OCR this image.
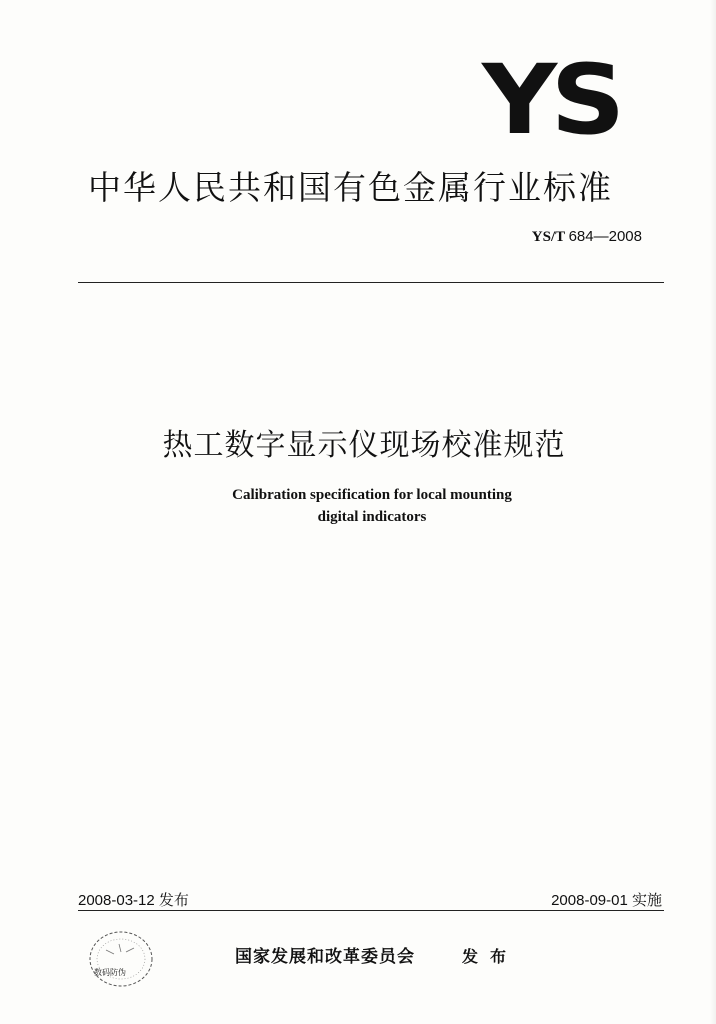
YS
中华人民共和国有色金属行业标准
YS/T 684—2008
热工数字显示仪现场校准规范
Calibration specification for local mounting
digital indicators
2008-03-12 发布	2008-09-01 实施
数码防伪
国家发展和改革委员会	发布
